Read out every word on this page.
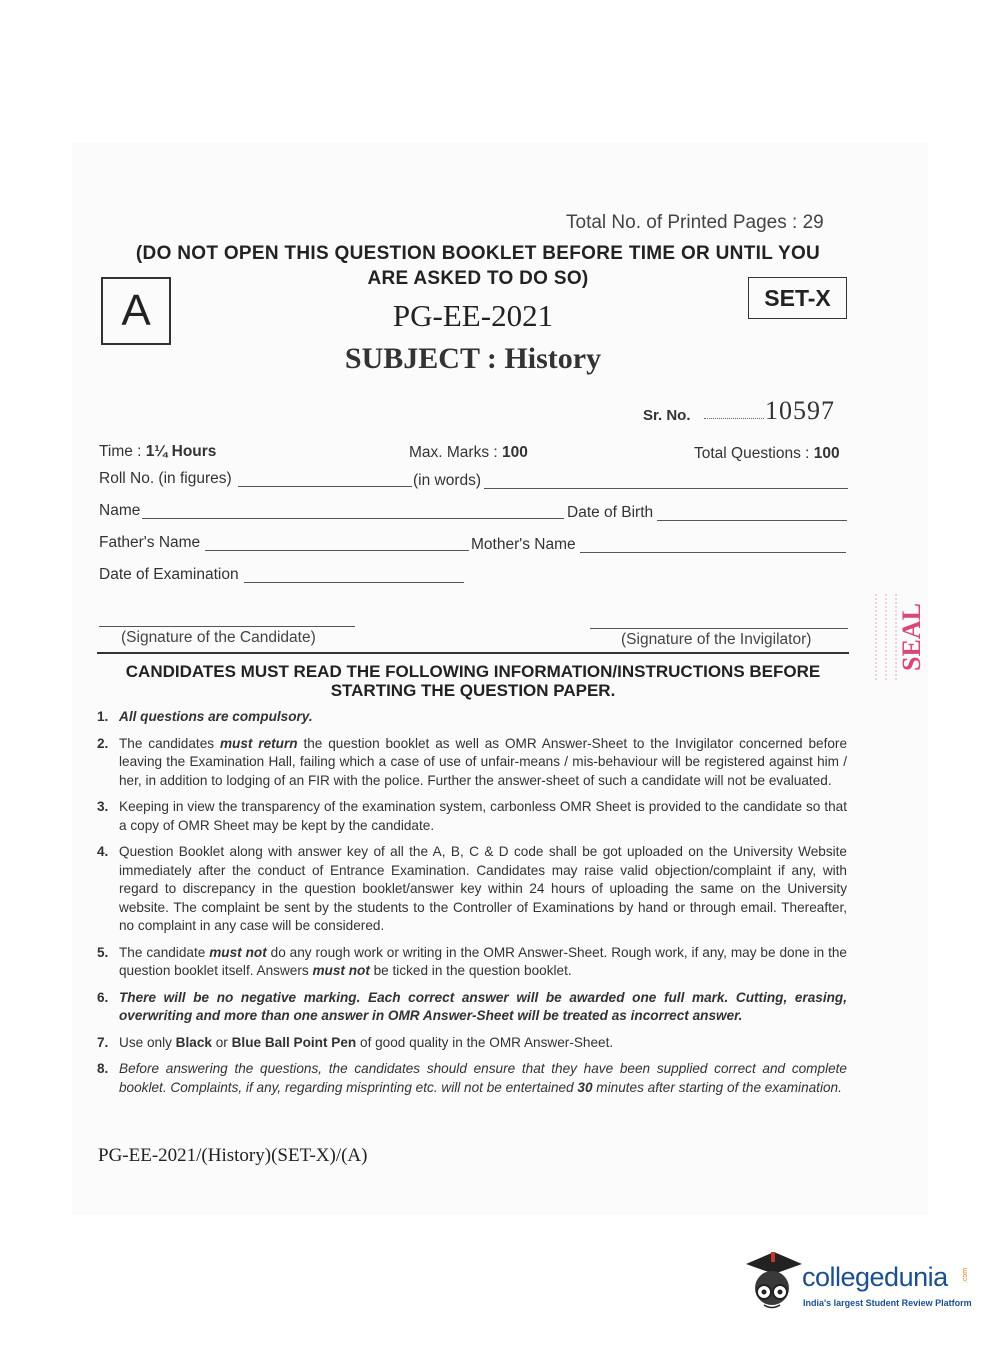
Total No. of Printed Pages : 29
(DO NOT OPEN THIS QUESTION BOOKLET BEFORE TIME OR UNTIL YOU
ARE ASKED TO DO SO)
A	SET-X
PG-EE-2021
SUBJECT : History
Sr. No.	10597
Time : 1¼ Hours	Max. Marks : 100	Total Questions : 100
Roll No. (in figures)	(in words)
Name	Date of Birth
Father's Name	Mother's Name
Date of Examination
(Signature of the Candidate)	(Signature of the Invigilator)
CANDIDATES MUST READ THE FOLLOWING INFORMATION/INSTRUCTIONS BEFORE
STARTING THE QUESTION PAPER.
1. All questions are compulsory.
2. The candidates must return the question booklet as well as OMR Answer-Sheet to the Invigilator concerned before leaving the Examination Hall, failing which a case of use of unfair-means / mis-behaviour will be registered against him / her, in addition to lodging of an FIR with the police. Further the answer-sheet of such a candidate will not be evaluated.
3. Keeping in view the transparency of the examination system, carbonless OMR Sheet is provided to the candidate so that a copy of OMR Sheet may be kept by the candidate.
4. Question Booklet along with answer key of all the A, B, C & D code shall be got uploaded on the University Website immediately after the conduct of Entrance Examination. Candidates may raise valid objection/complaint if any, with regard to discrepancy in the question booklet/answer key within 24 hours of uploading the same on the University website. The complaint be sent by the students to the Controller of Examinations by hand or through email. Thereafter, no complaint in any case will be considered.
5. The candidate must not do any rough work or writing in the OMR Answer-Sheet. Rough work, if any, may be done in the question booklet itself. Answers must not be ticked in the question booklet.
6. There will be no negative marking. Each correct answer will be awarded one full mark. Cutting, erasing, overwriting and more than one answer in OMR Answer-Sheet will be treated as incorrect answer.
7. Use only Black or Blue Ball Point Pen of good quality in the OMR Answer-Sheet.
8. Before answering the questions, the candidates should ensure that they have been supplied correct and complete booklet. Complaints, if any, regarding misprinting etc. will not be entertained 30 minutes after starting of the examination.
PG-EE-2021/(History)(SET-X)/(A)
SEAL
collegedunia .com
India's largest Student Review Platform
